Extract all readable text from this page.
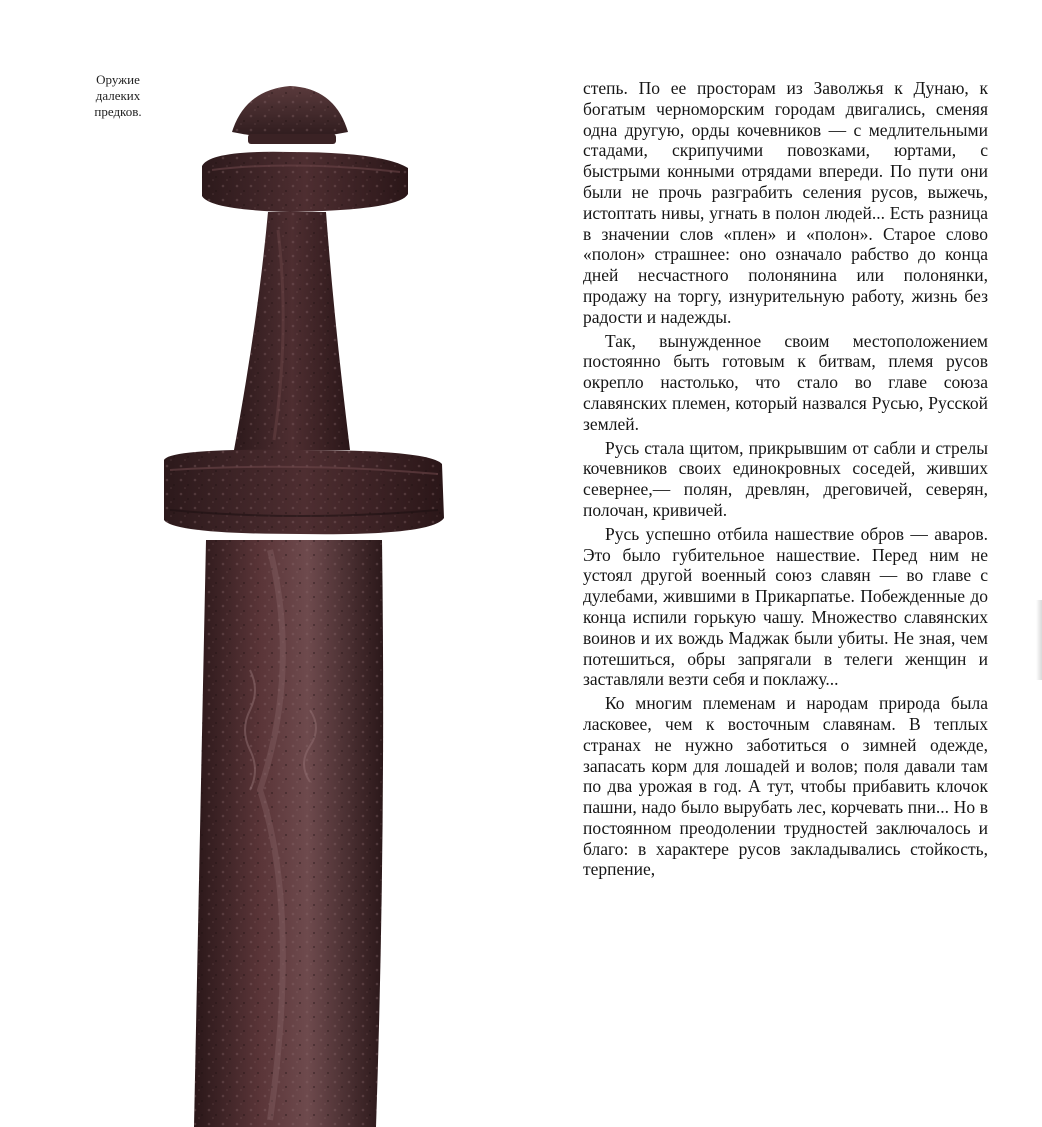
Оружие
далеких
предков.

степь. По ее просторам из Заволжья к Дунаю, к богатым черноморским городам двигались, сменяя одна другую, орды кочевников — с медлительными стадами, скрипучими повозками, юртами, с быстрыми конными отрядами впереди. По пути они были не прочь разграбить селения русов, выжечь, истоптать нивы, угнать в полон людей... Есть разница в значении слов «плен» и «полон». Старое слово «полон» страшнее: оно означало рабство до конца дней несчастного полонянина или полонянки, продажу на торгу, изнурительную работу, жизнь без радости и надежды.

Так, вынужденное своим местоположением постоянно быть готовым к битвам, племя русов окрепло настолько, что стало во главе союза славянских племен, который назвался Русью, Русской землей.

Русь стала щитом, прикрывшим от сабли и стрелы кочевников своих единокровных соседей, живших севернее,— полян, древлян, дреговичей, северян, полочан, кривичей.

Русь успешно отбила нашествие обров — аваров. Это было губительное нашествие. Перед ним не устоял другой военный союз славян — во главе с дулебами, жившими в Прикарпатье. Побежденные до конца испили горькую чашу. Множество славянских воинов и их вождь Маджак были убиты. Не зная, чем потешиться, обры запрягали в телеги женщин и заставляли везти себя и поклажу...

Ко многим племенам и народам природа была ласковее, чем к восточным славянам. В теплых странах не нужно заботиться о зимней одежде, запасать корм для лошадей и волов; поля давали там по два урожая в год. А тут, чтобы прибавить клочок пашни, надо было вырубать лес, корчевать пни... Но в постоянном преодолении трудностей заключалось и благо: в характере русов закладывались стойкость, терпение,
